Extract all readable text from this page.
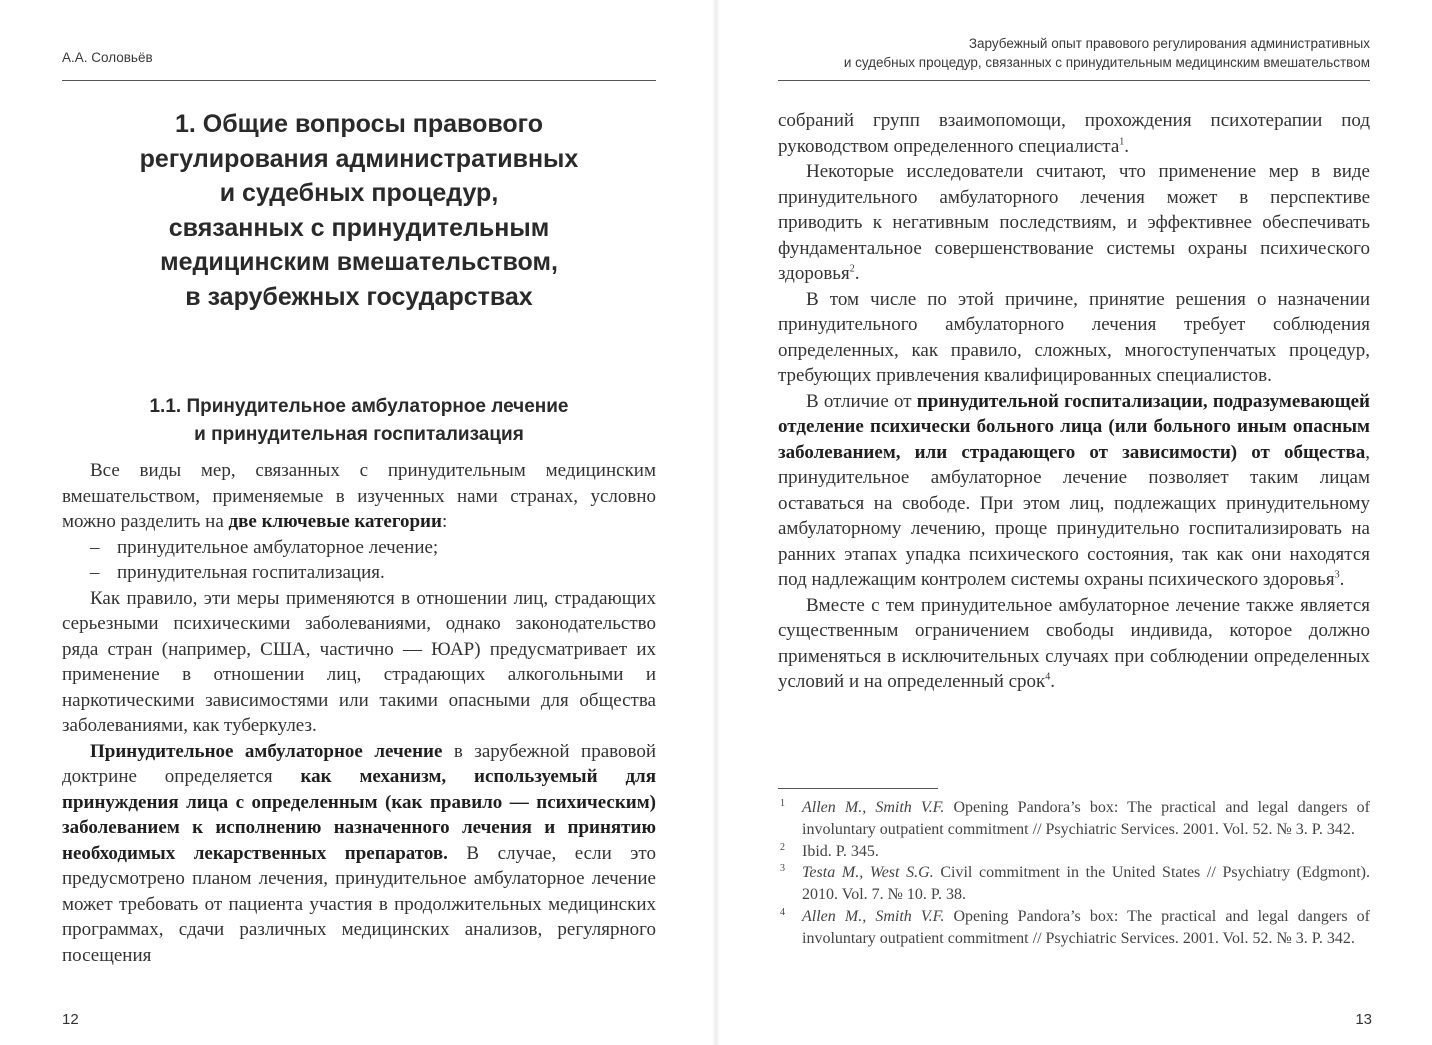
А.А. Соловьёв
1. Общие вопросы правового
регулирования административных
и судебных процедур,
связанных с принудительным
медицинским вмешательством,
в зарубежных государствах
1.1. Принудительное амбулаторное лечение
и принудительная госпитализация

Все виды мер, связанных с принудительным медицинским вмешательством, применяемые в изученных нами странах, условно можно разделить на две ключевые категории:

– принудительное амбулаторное лечение;

– принудительная госпитализация.

Как правило, эти меры применяются в отношении лиц, страдающих серьезными психическими заболеваниями, однако законодательство ряда стран (например, США, частично — ЮАР) предусматривает их применение в отношении лиц, страдающих алкогольными и наркотическими зависимостями или такими опасными для общества заболеваниями, как туберкулез.

Принудительное амбулаторное лечение в зарубежной правовой доктрине определяется как механизм, используемый для принуждения лица с определенным (как правило — психическим) заболеванием к исполнению назначенного лечения и принятию необходимых лекарственных препаратов. В случае, если это предусмотрено планом лечения, принудительное амбулаторное лечение может требовать от пациента участия в продолжительных медицинских программах, сдачи различных медицинских анализов, регулярного посещения

12
Зарубежный опыт правового регулирования административных
и судебных процедур, связанных с принудительным медицинским вмешательством

собраний групп взаимопомощи, прохождения психотерапии под руководством определенного специалиста$^1$.

Некоторые исследователи считают, что применение мер в виде принудительного амбулаторного лечения может в перспективе приводить к негативным последствиям, и эффективнее обеспечивать фундаментальное совершенствование системы охраны психического здоровья$^2$.

В том числе по этой причине, принятие решения о назначении принудительного амбулаторного лечения требует соблюдения определенных, как правило, сложных, многоступенчатых процедур, требующих привлечения квалифицированных специалистов.

В отличие от принудительной госпитализации, подразумевающей отделение психически больного лица (или больного иным опасным заболеванием, или страдающего от зависимости) от общества, принудительное амбулаторное лечение позволяет таким лицам оставаться на свободе. При этом лиц, подлежащих принудительному амбулаторному лечению, проще принудительно госпитализировать на ранних этапах упадка психического состояния, так как они находятся под надлежащим контролем системы охраны психического здоровья$^3$.

Вместе с тем принудительное амбулаторное лечение также является существенным ограничением свободы индивида, которое должно применяться в исключительных случаях при соблюдении определенных условий и на определенный срок$^4$.

1 Allen M., Smith V.F. Opening Pandora’s box: The practical and legal dangers of involuntary outpatient commitment // Psychiatric Services. 2001. Vol. 52. № 3. P. 342.
2 Ibid. P. 345.
3 Testa M., West S.G. Civil commitment in the United States // Psychiatry (Edgmont). 2010. Vol. 7. № 10. P. 38.
4 Allen M., Smith V.F. Opening Pandora’s box: The practical and legal dangers of involuntary outpatient commitment // Psychiatric Services. 2001. Vol. 52. № 3. P. 342.
13
